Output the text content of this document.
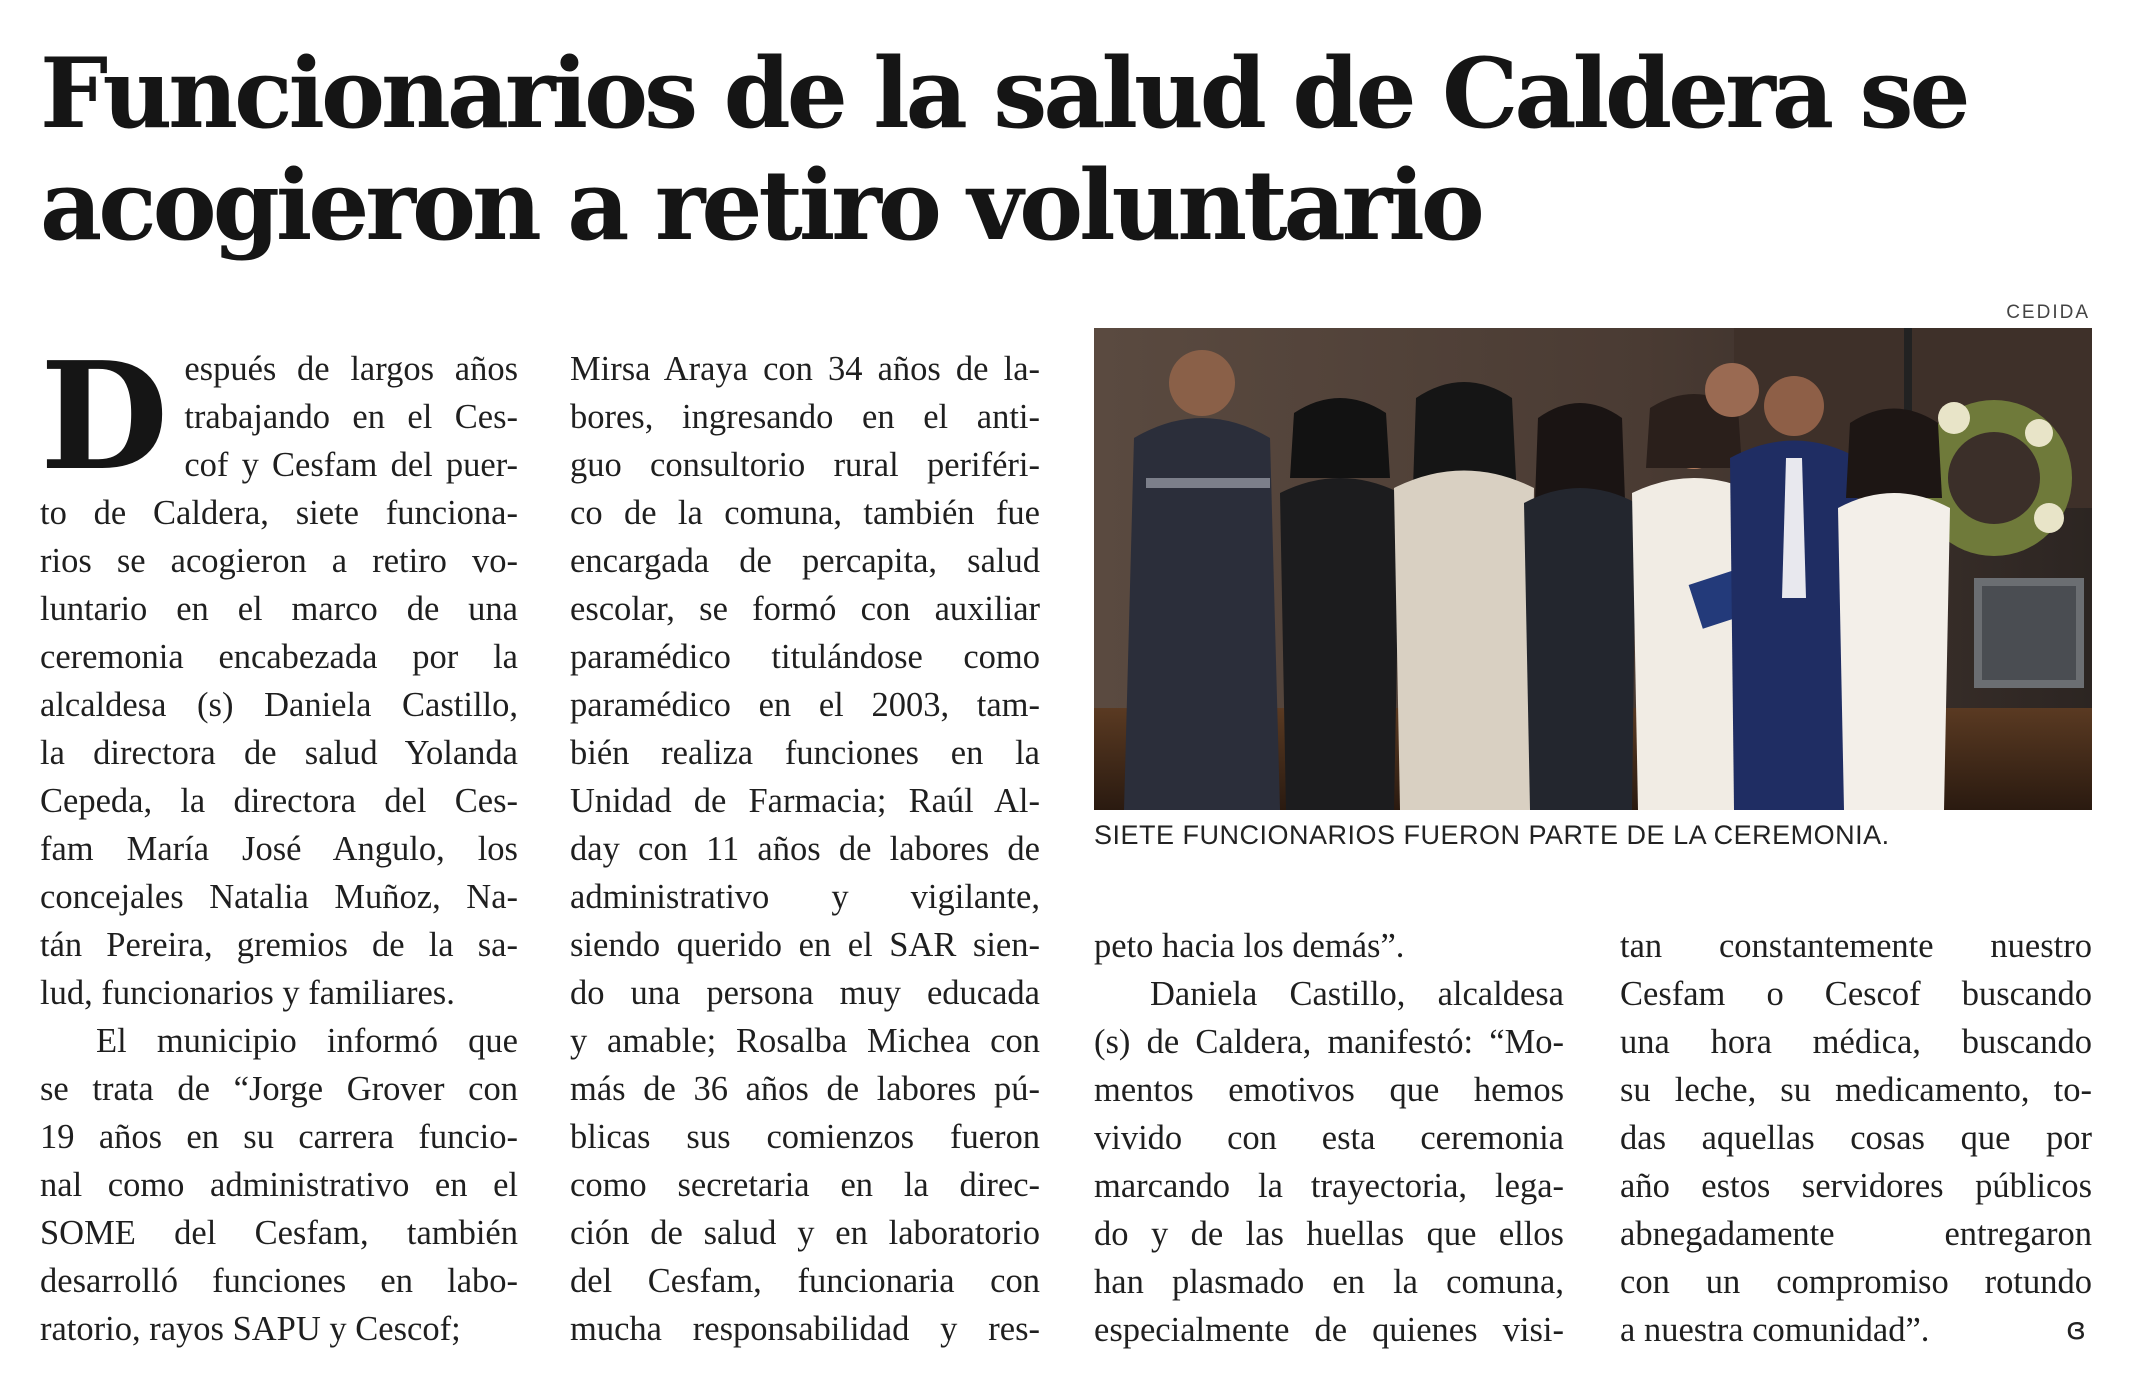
Funcionarios de la salud de Caldera se
acogieron a retiro voluntario
D espués de largos años
trabajando en el Ces-
cof y Cesfam del puer-
to de Caldera, siete funciona-
rios se acogieron a retiro vo-
luntario en el marco de una
ceremonia encabezada por la
alcaldesa (s) Daniela Castillo,
la directora de salud Yolanda
Cepeda, la directora del Ces-
fam María José Angulo, los
concejales Natalia Muñoz, Na-
tán Pereira, gremios de la sa-
lud, funcionarios y familiares.
El municipio informó que
se trata de “Jorge Grover con
19 años en su carrera funcio-
nal como administrativo en el
SOME del Cesfam, también
desarrolló funciones en labo-
ratorio, rayos SAPU y Cescof;
Mirsa Araya con 34 años de la-
bores, ingresando en el anti-
guo consultorio rural periféri-
co de la comuna, también fue
encargada de percapita, salud
escolar, se formó con auxiliar
paramédico titulándose como
paramédico en el 2003, tam-
bién realiza funciones en la
Unidad de Farmacia; Raúl Al-
day con 11 años de labores de
administrativo y vigilante,
siendo querido en el SAR sien-
do una persona muy educada
y amable; Rosalba Michea con
más de 36 años de labores pú-
blicas sus comienzos fueron
como secretaria en la direc-
ción de salud y en laboratorio
del Cesfam, funcionaria con
mucha responsabilidad y res-
CEDIDA
SIETE FUNCIONARIOS FUERON PARTE DE LA CEREMONIA.
peto hacia los demás”.
Daniela Castillo, alcaldesa
(s) de Caldera, manifestó: “Mo-
mentos emotivos que hemos
vivido con esta ceremonia
marcando la trayectoria, lega-
do y de las huellas que ellos
han plasmado en la comuna,
especialmente de quienes visi-
tan constantemente nuestro
Cesfam o Cescof buscando
una hora médica, buscando
su leche, su medicamento, to-
das aquellas cosas que por
año estos servidores públicos
abnegadamente entregaron
con un compromiso rotundo
a nuestra comunidad”.	ɞ
